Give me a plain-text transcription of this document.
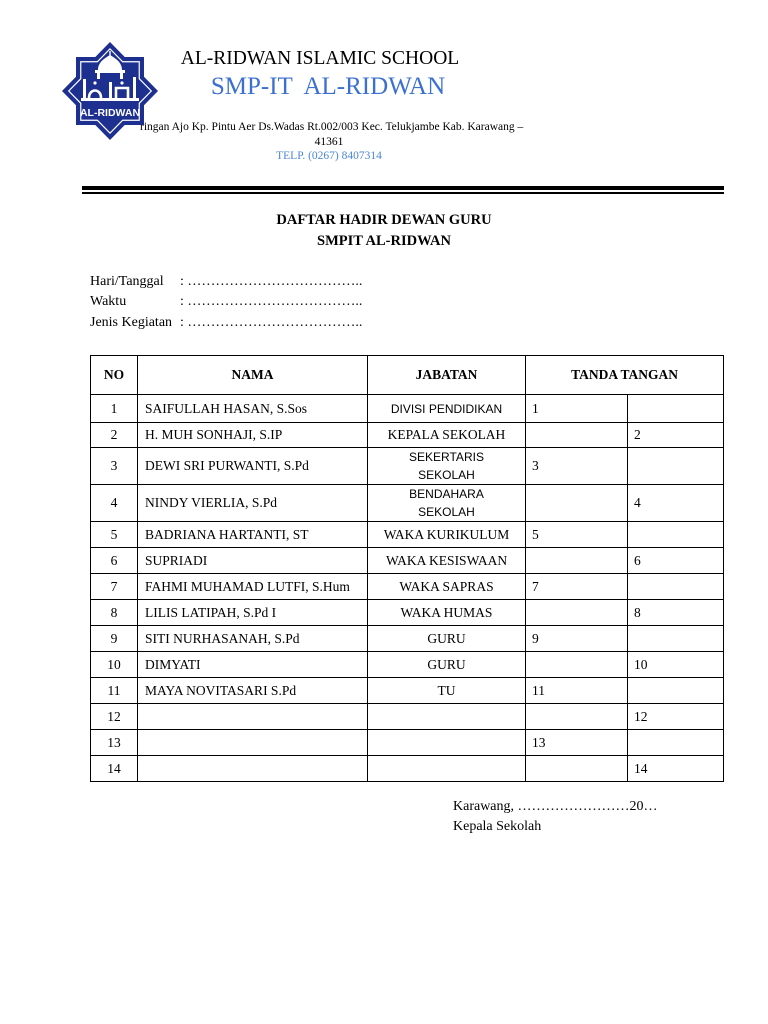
AL-RIDWAN
AL-RIDWAN ISLAMIC SCHOOL
SMP-IT  AL-RIDWAN
ringan Ajo Kp. Pintu Aer Ds.Wadas Rt.002/003 Kec. Telukjambe Kab. Karawang –
41361
TELP. (0267) 8407314
DAFTAR HADIR DEWAN GURU
SMPIT AL-RIDWAN
Hari/Tanggal : ………………………………..
Waktu	: ………………………………..
Jenis Kegiatan : ………………………………..
NO	NAMA	JABATAN	TANDA TANGAN	
1	SAIFULLAH HASAN, S.Sos	DIVISI PENDIDIKAN	1	
2	H. MUH SONHAJI, S.IP	KEPALA SEKOLAH		2
3	DEWI SRI PURWANTI, S.Pd	SEKERTARIS SEKOLAH	3	
4	NINDY VIERLIA, S.Pd	BENDAHARA SEKOLAH		4
5	BADRIANA HARTANTI, ST	WAKA KURIKULUM	5	
6	SUPRIADI	WAKA KESISWAAN		6
7	FAHMI MUHAMAD LUTFI, S.Hum	WAKA SAPRAS	7	
8	LILIS LATIPAH, S.Pd I	WAKA HUMAS		8
9	SITI NURHASANAH, S.Pd	GURU	9	
10	DIMYATI	GURU		10
11	MAYA NOVITASARI S.Pd	TU	11	
12				12
13			13	
14				14
Karawang, ……………………20…
Kepala Sekolah
